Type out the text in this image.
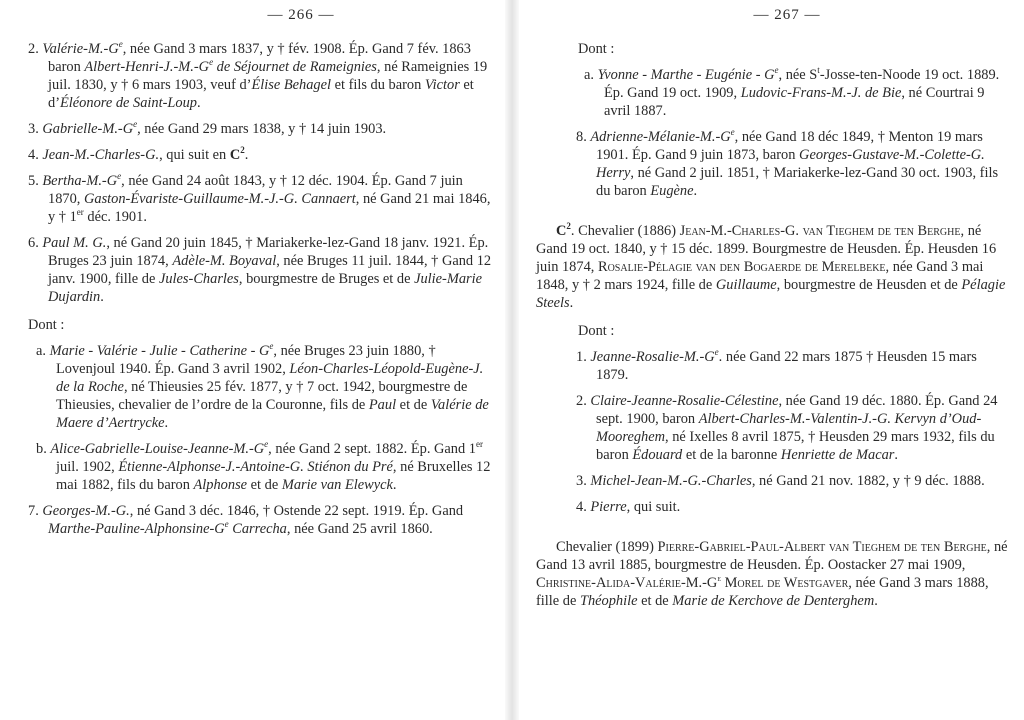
— 266 —

2. Valérie-$M.-G^e$, née Gand 3 mars 1837, y † fév. 1908. Ép. Gand 7 fév. 1863 baron Albert-$Henri-J.-M.-G^e$ de Séjournet de Rameignies, né Rameignies 19 juil. 1830, y † 6 mars 1903, veuf d’Élise Behagel et fils du baron Victor et d’Éléonore de Saint-Loup.

3. Gabrielle-$M.-G^e$, née Gand 29 mars 1838, y † 14 juin 1903.

4. Jean-M.-Charles-G., qui suit en $C^2$.

5. Bertha-$M.-G^e$, née Gand 24 août 1843, y † 12 déc. 1904. Ép. Gand 7 juin 1870, Gaston-Évariste-Guillaume-M.-J.-G. Cannaert, né Gand 21 mai 1846, y † 1er déc. 1901.

6. Paul M. G., né Gand 20 juin 1845, † Mariakerke-lez-Gand 18 janv. 1921. Ép. Bruges 23 juin 1874, Adèle-M. Boyaval, née Bruges 11 juil. 1844, † Gand 12 janv. 1900, fille de Jules-Charles, bourgmestre de Bruges et de Julie-Marie Dujardin.

Dont :

a. Marie - Valérie - Julie - Catherine - $G^e$, née Bruges 23 juin 1880, † Lovenjoul 1940. Ép. Gand 3 avril 1902, Léon-Charles-Léopold-Eugène-J. de la Roche, né Thieusies 25 fév. 1877, y † 7 oct. 1942, bourgmestre de Thieusies, chevalier de l’ordre de la Couronne, fils de Paul et de Valérie de Maere d’Aertrycke.

b. Alice-$Gabrielle-Louise-Jeanne-M.-G^e$, née Gand 2 sept. 1882. Ép. Gand 1er juil. 1902, Étienne-Alphonse-J.-Antoine-G. Stiénon du Pré, né Bruxelles 12 mai 1882, fils du baron Alphonse et de Marie van Elewyck.

7. Georges-M.-G., né Gand 3 déc. 1846, † Ostende 22 sept. 1919. Ép. Gand Marthe-$Pauline-Alphonsine-G^e$ Carrecha, née Gand 25 avril 1860.

— 267 —

Dont :

a. Yvonne - Marthe - Eugénie - $G^e$, née $S^t-Josse-ten$-Noode 19 oct. 1889. Ép. Gand 19 oct. 1909, Ludovic-Frans-M.-J. de Bie, né Courtrai 9 avril 1887.

8. Adrienne-$Mélanie-M.-G^e$, née Gand 18 déc 1849, † Menton 19 mars 1901. Ép. Gand 9 juin 1873, baron Georges-Gustave-M.-Colette-G. Herry, né Gand 2 juil. 1851, † Mariakerke-lez-Gand 30 oct. 1903, fils du baron Eugène.

$C^2$. Chevalier (1886) Jean-M.-Charles-G. van Tieghem de ten Berghe, né Gand 19 oct. 1840, y † 15 déc. 1899. Bourgmestre de Heusden. Ép. Heusden 16 juin 1874, Rosalie-Pélagie van den Bogaerde de Merelbeke, née Gand 3 mai 1848, y † 2 mars 1924, fille de Guillaume, bourgmestre de Heusden et de Pélagie Steels.

Dont :

1. Jeanne-$Rosalie-M.-G^e$. née Gand 22 mars 1875 † Heusden 15 mars 1879.

2. Claire-Jeanne-Rosalie-Célestine, née Gand 19 déc. 1880. Ép. Gand 24 sept. 1900, baron Albert-Charles-M.-Valentin-J.-G. Kervyn d’Oud-Mooreghem, né Ixelles 8 avril 1875, † Heusden 29 mars 1932, fils du baron Édouard et de la baronne Henriette de Macar.

3. Michel-Jean-M.-G.-Charles, né Gand 21 nov. 1882, y † 9 déc. 1888.

4. Pierre, qui suit.

Chevalier (1899) Pierre-Gabriel-Paul-Albert van Tieghem de ten Berghe, né Gand 13 avril 1885, bourgmestre de Heusden. Ép. Oostacker 27 mai 1909, Christine-$Alida-Valérie-M.-G^e$ Morel de Westgaver, née Gand 3 mars 1888, fille de Théophile et de Marie de Kerchove de Denterghem.
